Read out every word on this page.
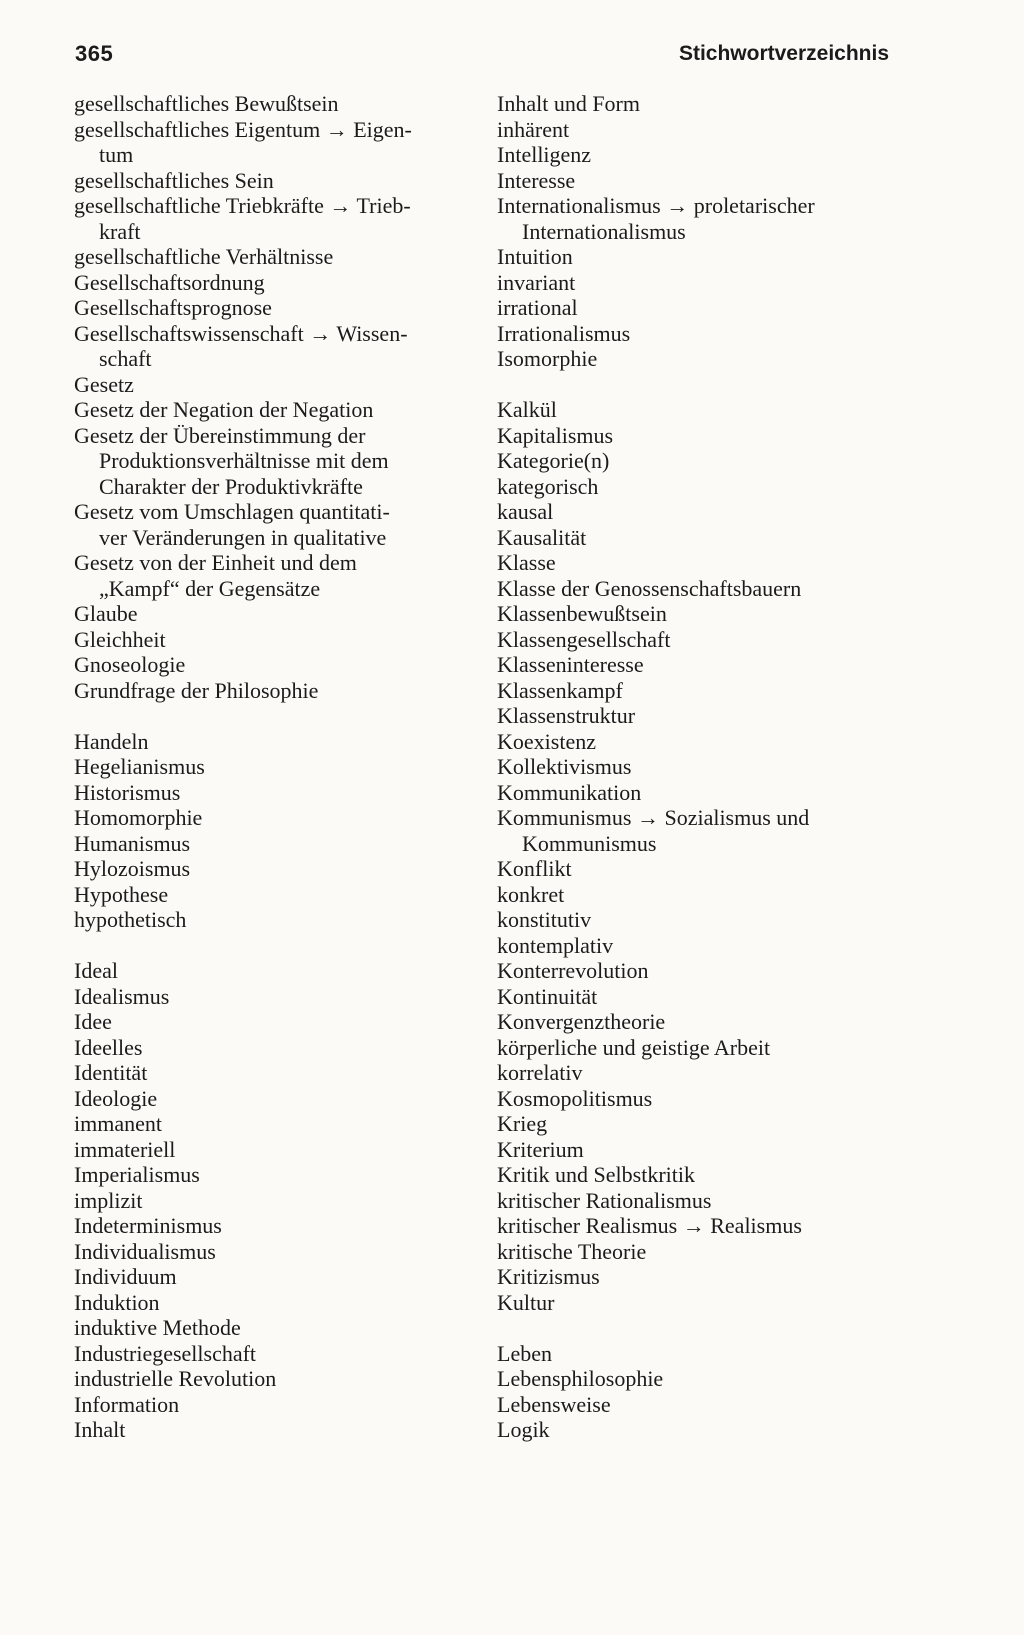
365	Stichwortverzeichnis
gesellschaftliches Bewußtsein
gesellschaftliches Eigentum → Eigen-
tum
gesellschaftliches Sein
gesellschaftliche Triebkräfte → Trieb-
kraft
gesellschaftliche Verhältnisse
Gesellschaftsordnung
Gesellschaftsprognose
Gesellschaftswissenschaft → Wissen-
schaft
Gesetz
Gesetz der Negation der Negation
Gesetz der Übereinstimmung der
Produktionsverhältnisse mit dem
Charakter der Produktivkräfte
Gesetz vom Umschlagen quantitati-
ver Veränderungen in qualitative
Gesetz von der Einheit und dem
„Kampf“ der Gegensätze
Glaube
Gleichheit
Gnoseologie
Grundfrage der Philosophie
Handeln
Hegelianismus
Historismus
Homomorphie
Humanismus
Hylozoismus
Hypothese
hypothetisch
Ideal
Idealismus
Idee
Ideelles
Identität
Ideologie
immanent
immateriell
Imperialismus
implizit
Indeterminismus
Individualismus
Individuum
Induktion
induktive Methode
Industriegesellschaft
industrielle Revolution
Information
Inhalt
Inhalt und Form
inhärent
Intelligenz
Interesse
Internationalismus → proletarischer
Internationalismus
Intuition
invariant
irrational
Irrationalismus
Isomorphie
Kalkül
Kapitalismus
Kategorie(n)
kategorisch
kausal
Kausalität
Klasse
Klasse der Genossenschaftsbauern
Klassenbewußtsein
Klassengesellschaft
Klasseninteresse
Klassenkampf
Klassenstruktur
Koexistenz
Kollektivismus
Kommunikation
Kommunismus → Sozialismus und
Kommunismus
Konflikt
konkret
konstitutiv
kontemplativ
Konterrevolution
Kontinuität
Konvergenztheorie
körperliche und geistige Arbeit
korrelativ
Kosmopolitismus
Krieg
Kriterium
Kritik und Selbstkritik
kritischer Rationalismus
kritischer Realismus → Realismus
kritische Theorie
Kritizismus
Kultur
Leben
Lebensphilosophie
Lebensweise
Logik
